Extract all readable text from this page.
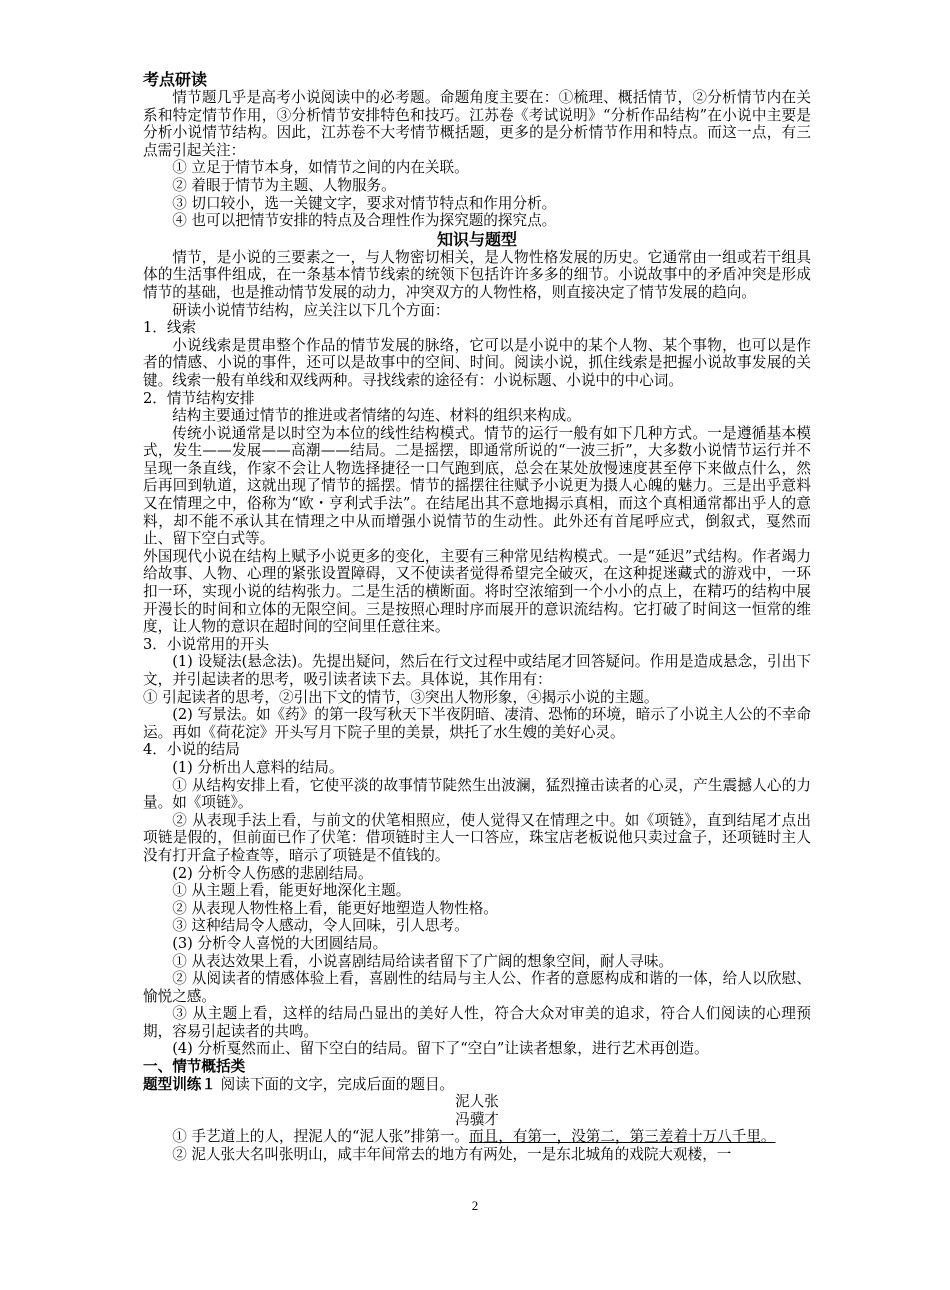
考点研读

情节题几乎是高考小说阅读中的必考题。命题角度主要在：①梳理、概括情节，②分析情节内在关系和特定情节作用，③分析情节安排特色和技巧。江苏卷《考试说明》“分析作品结构”在小说中主要是分析小说情节结构。因此，江苏卷不大考情节概括题，更多的是分析情节作用和特点。而这一点，有三点需引起关注：

① 立足于情节本身，如情节之间的内在关联。

② 着眼于情节为主题、人物服务。

③ 切口较小，选一关键文字，要求对情节特点和作用分析。

④ 也可以把情节安排的特点及合理性作为探究题的探究点。

知识与题型

情节，是小说的三要素之一，与人物密切相关，是人物性格发展的历史。它通常由一组或若干组具体的生活事件组成，在一条基本情节线索的统领下包括许许多多的细节。小说故事中的矛盾冲突是形成情节的基础，也是推动情节发展的动力，冲突双方的人物性格，则直接决定了情节发展的趋向。

研读小说情节结构，应关注以下几个方面：

1．线索

小说线索是贯串整个作品的情节发展的脉络，它可以是小说中的某个人物、某个事物，也可以是作者的情感、小说的事件，还可以是故事中的空间、时间。阅读小说，抓住线索是把握小说故事发展的关键。线索一般有单线和双线两种。寻找线索的途径有：小说标题、小说中的中心词。

2．情节结构安排

结构主要通过情节的推进或者情绪的勾连、材料的组织来构成。

传统小说通常是以时空为本位的线性结构模式。情节的运行一般有如下几种方式。一是遵循基本模式，发生——发展——高潮——结局。二是摇摆，即通常所说的“一波三折”，大多数小说情节运行并不呈现一条直线，作家不会让人物选择捷径一口气跑到底，总会在某处放慢速度甚至停下来做点什么，然后再回到轨道，这就出现了情节的摇摆。情节的摇摆往往赋予小说更为摄人心魄的魅力。三是出乎意料又在情理之中，俗称为“欧・亨利式手法”。在结尾出其不意地揭示真相，而这个真相通常都出乎人的意料，却不能不承认其在情理之中从而增强小说情节的生动性。此外还有首尾呼应式，倒叙式，戛然而止、留下空白式等。

外国现代小说在结构上赋予小说更多的变化，主要有三种常见结构模式。一是“延迟”式结构。作者竭力给故事、人物、心理的紧张设置障碍，又不使读者觉得希望完全破灭，在这种捉迷藏式的游戏中，一环扣一环，实现小说的结构张力。二是生活的横断面。将时空浓缩到一个小小的点上，在精巧的结构中展开漫长的时间和立体的无限空间。三是按照心理时序而展开的意识流结构。它打破了时间这一恒常的维度，让人物的意识在超时间的空间里任意往来。

3．小说常用的开头

(1) 设疑法(悬念法)。先提出疑问，然后在行文过程中或结尾才回答疑问。作用是造成悬念，引出下文，并引起读者的思考，吸引读者读下去。具体说，其作用有：

① 引起读者的思考，②引出下文的情节，③突出人物形象，④揭示小说的主题。

(2) 写景法。如《药》的第一段写秋天下半夜阴暗、凄清、恐怖的环境，暗示了小说主人公的不幸命运。再如《荷花淀》开头写月下院子里的美景，烘托了水生嫂的美好心灵。

4．小说的结局

(1) 分析出人意料的结局。

① 从结构安排上看，它使平淡的故事情节陡然生出波澜，猛烈撞击读者的心灵，产生震撼人心的力量。如《项链》。

② 从表现手法上看，与前文的伏笔相照应，使人觉得又在情理之中。如《项链》，直到结尾才点出项链是假的，但前面已作了伏笔：借项链时主人一口答应，珠宝店老板说他只卖过盒子，还项链时主人没有打开盒子检查等，暗示了项链是不值钱的。

(2) 分析令人伤感的悲剧结局。

① 从主题上看，能更好地深化主题。

② 从表现人物性格上看，能更好地塑造人物性格。

③ 这种结局令人感动，令人回味，引人思考。

(3) 分析令人喜悦的大团圆结局。

① 从表达效果上看，小说喜剧结局给读者留下了广阔的想象空间，耐人寻味。

② 从阅读者的情感体验上看，喜剧性的结局与主人公、作者的意愿构成和谐的一体，给人以欣慰、愉悦之感。

③ 从主题上看，这样的结局凸显出的美好人性，符合大众对审美的追求，符合人们阅读的心理预期，容易引起读者的共鸣。

(4) 分析戛然而止、留下空白的结局。留下了“空白”让读者想象，进行艺术再创造。

一、情节概括类

题型训练１ 阅读下面的文字，完成后面的题目。

泥人张

冯骥才

① 手艺道上的人，捏泥人的“泥人张”排第一。而且，有第一，没第二，第三差着十万八千里。

② 泥人张大名叫张明山，咸丰年间常去的地方有两处，一是东北城角的戏院大观楼，一

2
